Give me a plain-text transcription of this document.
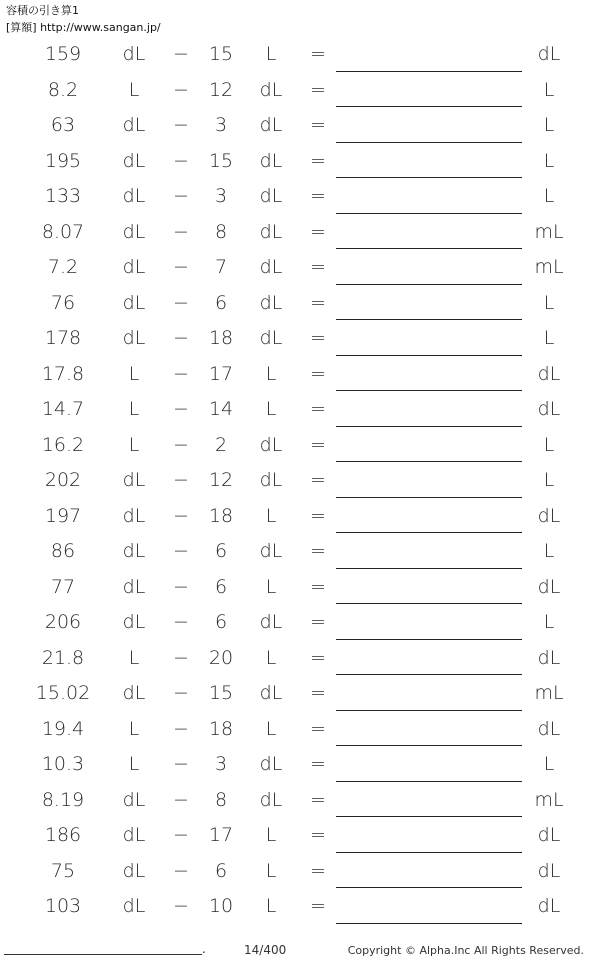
容積の引き算1
[算額] http://www.sangan.jp/
159	dL	−	15	L	=	dL
8.2	L	−	12	dL	=	L
63	dL	−	3	dL	=	L
195	dL	−	15	dL	=	L
133	dL	−	3	dL	=	L
8.07	dL	−	8	dL	=	mL
7.2	dL	−	7	dL	=	mL
76	dL	−	6	dL	=	L
178	dL	−	18	dL	=	L
17.8	L	−	17	L	=	dL
14.7	L	−	14	L	=	dL
16.2	L	−	2	dL	=	L
202	dL	−	12	dL	=	L
197	dL	−	18	L	=	dL
86	dL	−	6	dL	=	L
77	dL	−	6	L	=	dL
206	dL	−	6	dL	=	L
21.8	L	−	20	L	=	dL
15.02	dL	−	15	dL	=	mL
19.4	L	−	18	L	=	dL
10.3	L	−	3	dL	=	L
8.19	dL	−	8	dL	=	mL
186	dL	−	17	L	=	dL
75	dL	−	6	L	=	dL
103	dL	−	10	L	=	dL
.	14/400	Copyright © Alpha.Inc All Rights Reserved.
